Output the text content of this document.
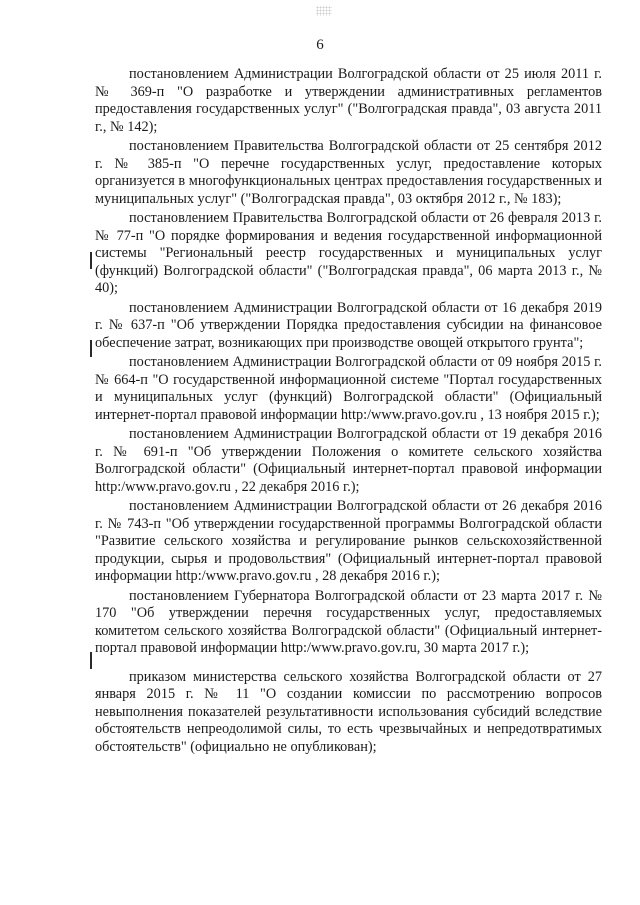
6

постановлением Администрации Волгоградской области от 25 июля 2011 г. № 369-п "О разработке и утверждении административных регламентов предоставления государственных услуг" ("Волгоградская правда", 03 августа 2011 г., № 142);

постановлением Правительства Волгоградской области от 25 сентября 2012 г. № 385-п "О перечне государственных услуг, предоставление которых организуется в многофункциональных центрах предоставления государственных и муниципальных услуг" ("Волгоградская правда", 03 октября 2012 г., № 183);

постановлением Правительства Волгоградской области от 26 февраля 2013 г. № 77-п "О порядке формирования и ведения государственной информационной системы "Региональный реестр государственных и муниципальных услуг (функций) Волгоградской области" ("Волгоградская правда", 06 марта 2013 г., № 40);

постановлением Администрации Волгоградской области от 16 декабря 2019 г. № 637-п "Об утверждении Порядка предоставления субсидии на финансовое обеспечение затрат, возникающих при производстве овощей открытого грунта";

постановлением Администрации Волгоградской области от 09 ноября 2015 г. № 664-п "О государственной информационной системе "Портал государственных и муниципальных услуг (функций) Волгоградской области" (Официальный интернет-портал правовой информации http:/www.pravo.gov.ru , 13 ноября 2015 г.);

постановлением Администрации Волгоградской области от 19 декабря 2016 г. № 691-п "Об утверждении Положения о комитете сельского хозяйства Волгоградской области" (Официальный интернет-портал правовой информации http:/www.pravo.gov.ru , 22 декабря 2016 г.);

постановлением Администрации Волгоградской области от 26 декабря 2016 г. № 743-п "Об утверждении государственной программы Волгоградской области "Развитие сельского хозяйства и регулирование рынков сельскохозяйственной продукции, сырья и продовольствия" (Официальный интернет-портал правовой информации http:/www.pravo.gov.ru , 28 декабря 2016 г.);

постановлением Губернатора Волгоградской области от 23 марта 2017 г. № 170 "Об утверждении перечня государственных услуг, предоставляемых комитетом сельского хозяйства Волгоградской области" (Официальный интернет-портал правовой информации http:/www.pravo.gov.ru, 30 марта 2017 г.);

приказом министерства сельского хозяйства Волгоградской области от 27 января 2015 г. № 11 "О создании комиссии по рассмотрению вопросов невыполнения показателей результативности использования субсидий вследствие обстоятельств непреодолимой силы, то есть чрезвычайных и непредотвратимых обстоятельств" (официально не опубликован);
